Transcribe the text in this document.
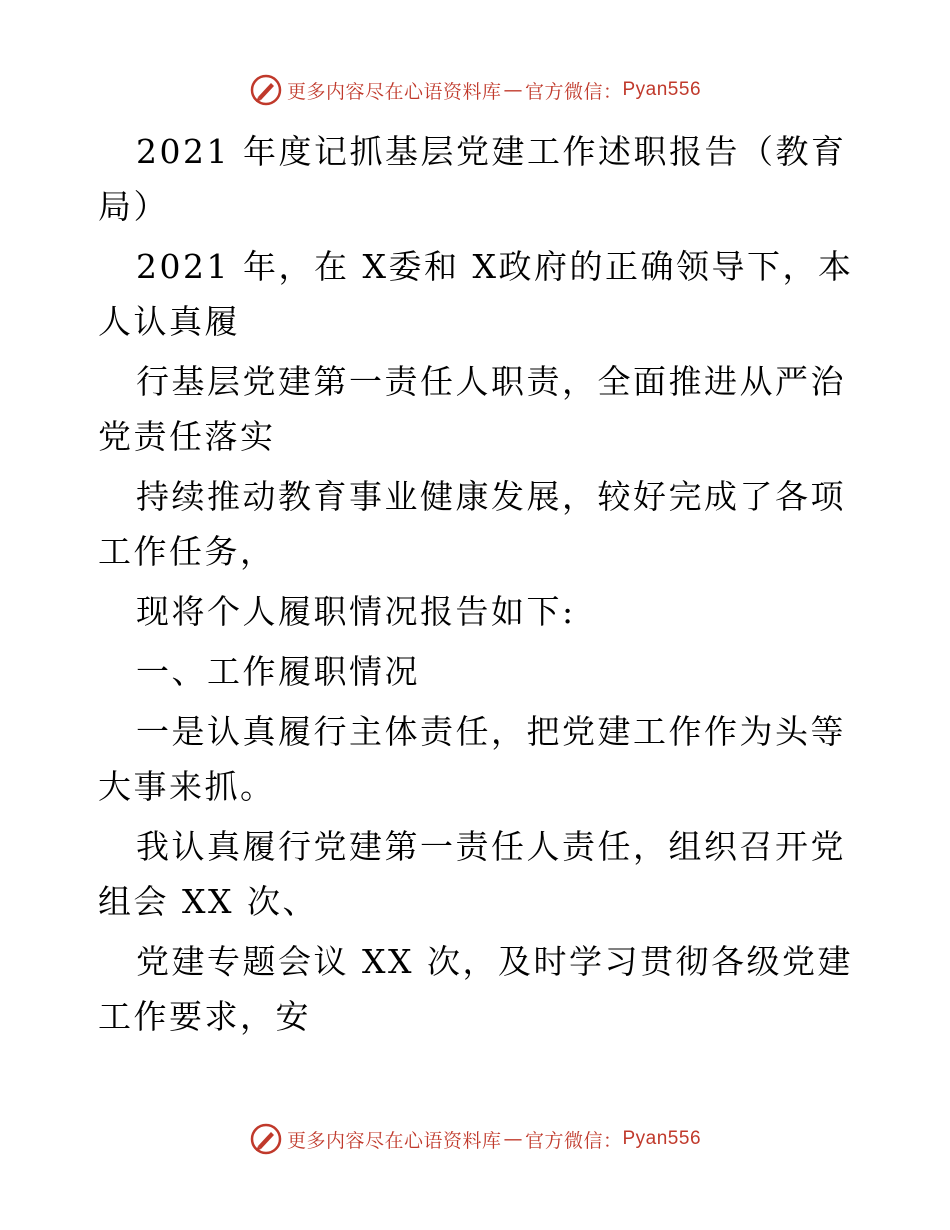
更多内容尽在心语资料库 — 官方微信： Pyan556

2021 年度记抓基层党建工作述职报告（教育局）

2021 年，在 X委和 X政府的正确领导下，本人认真履

行基层党建第一责任人职责，全面推进从严治党责任落实

持续推动教育事业健康发展，较好完成了各项工作任务，

现将个人履职情况报告如下:

一、工作履职情况

一是认真履行主体责任，把党建工作作为头等大事来抓。

我认真履行党建第一责任人责任，组织召开党组会 XX 次、

党建专题会议 XX 次，及时学习贯彻各级党建工作要求，安

更多内容尽在心语资料库 — 官方微信： Pyan556
